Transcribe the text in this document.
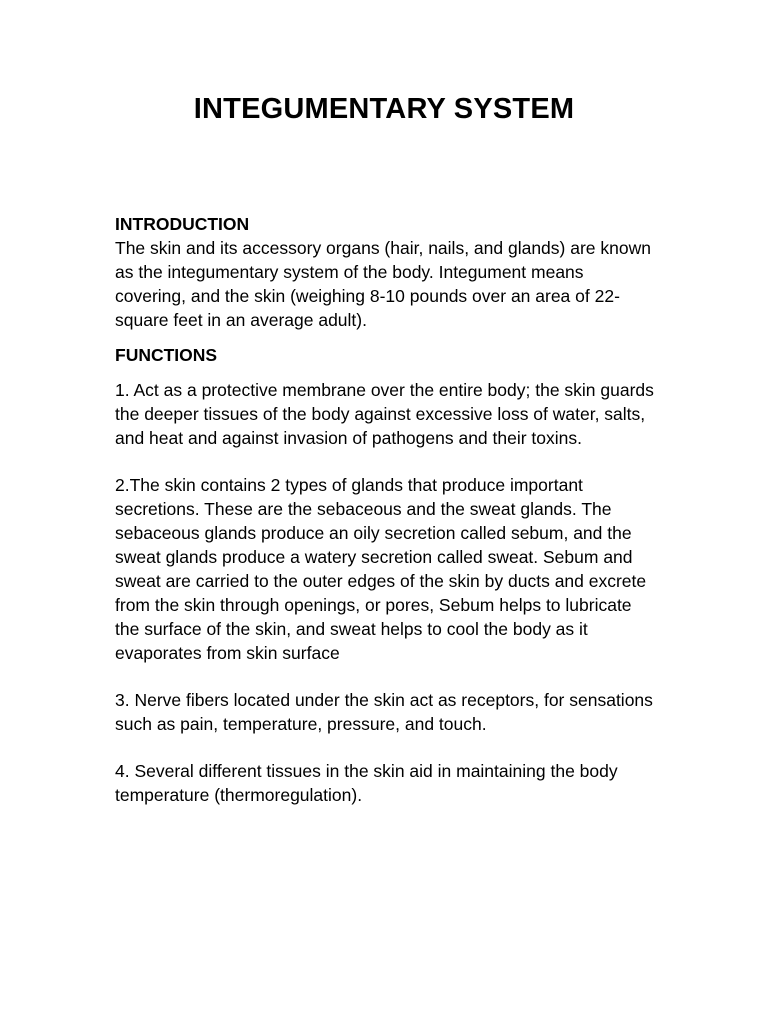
INTEGUMENTARY SYSTEM

INTRODUCTION

The skin and its accessory organs (hair, nails, and glands) are known as the integumentary system of the body. Integument means covering, and the skin (weighing 8-10 pounds over an area of 22-square feet in an average adult).

FUNCTIONS

1. Act as a protective membrane over the entire body; the skin guards the deeper tissues of the body against excessive loss of water, salts, and heat and against invasion of pathogens and their toxins.

2.The skin contains 2 types of glands that produce important secretions. These are the sebaceous and the sweat glands. The sebaceous glands produce an oily secretion called sebum, and the sweat glands produce a watery secretion called sweat. Sebum and sweat are carried to the outer edges of the skin by ducts and excrete from the skin through openings, or pores, Sebum helps to lubricate the surface of the skin, and sweat helps to cool the body as it evaporates from skin surface

3. Nerve fibers located under the skin act as receptors, for sensations such as pain, temperature, pressure, and touch.

4. Several different tissues in the skin aid in maintaining the body temperature (thermoregulation).
